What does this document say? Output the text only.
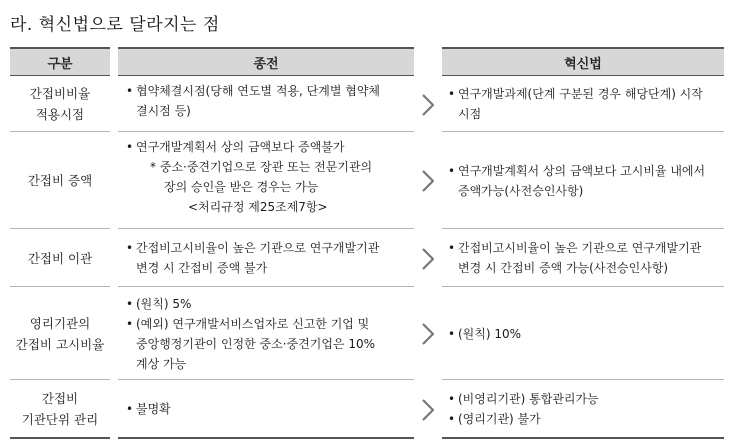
라. 혁신법으로 달라지는 점
구분	종전	혁신법
간접비비율
적용시점
• 협약체결시점(당해 연도별 적용, 단계별 협약체
결시점 등)
• 연구개발과제(단계 구분된 경우 해당단계) 시작
시점
간접비 증액
• 연구개발계획서 상의 금액보다 증액불가
* 중소·중견기업으로 장관 또는 전문기관의
장의 승인을 받은 경우는 가능
<처리규정 제25조제7항>
• 연구개발계획서 상의 금액보다 고시비율 내에서
증액가능(사전승인사항)
간접비 이관
• 간접비고시비율이 높은 기관으로 연구개발기관
변경 시 간접비 증액 불가
• 간접비고시비율이 높은 기관으로 연구개발기관
변경 시 간접비 증액 가능(사전승인사항)
영리기관의
간접비 고시비율
• (원칙) 5%
• (예외) 연구개발서비스업자로 신고한 기업 및
중앙행정기관이 인정한 중소·중견기업은 10%
계상 가능
• (원칙) 10%
간접비
기관단위 관리
• 불명확
• (비영리기관) 통합관리가능
• (영리기관) 불가
